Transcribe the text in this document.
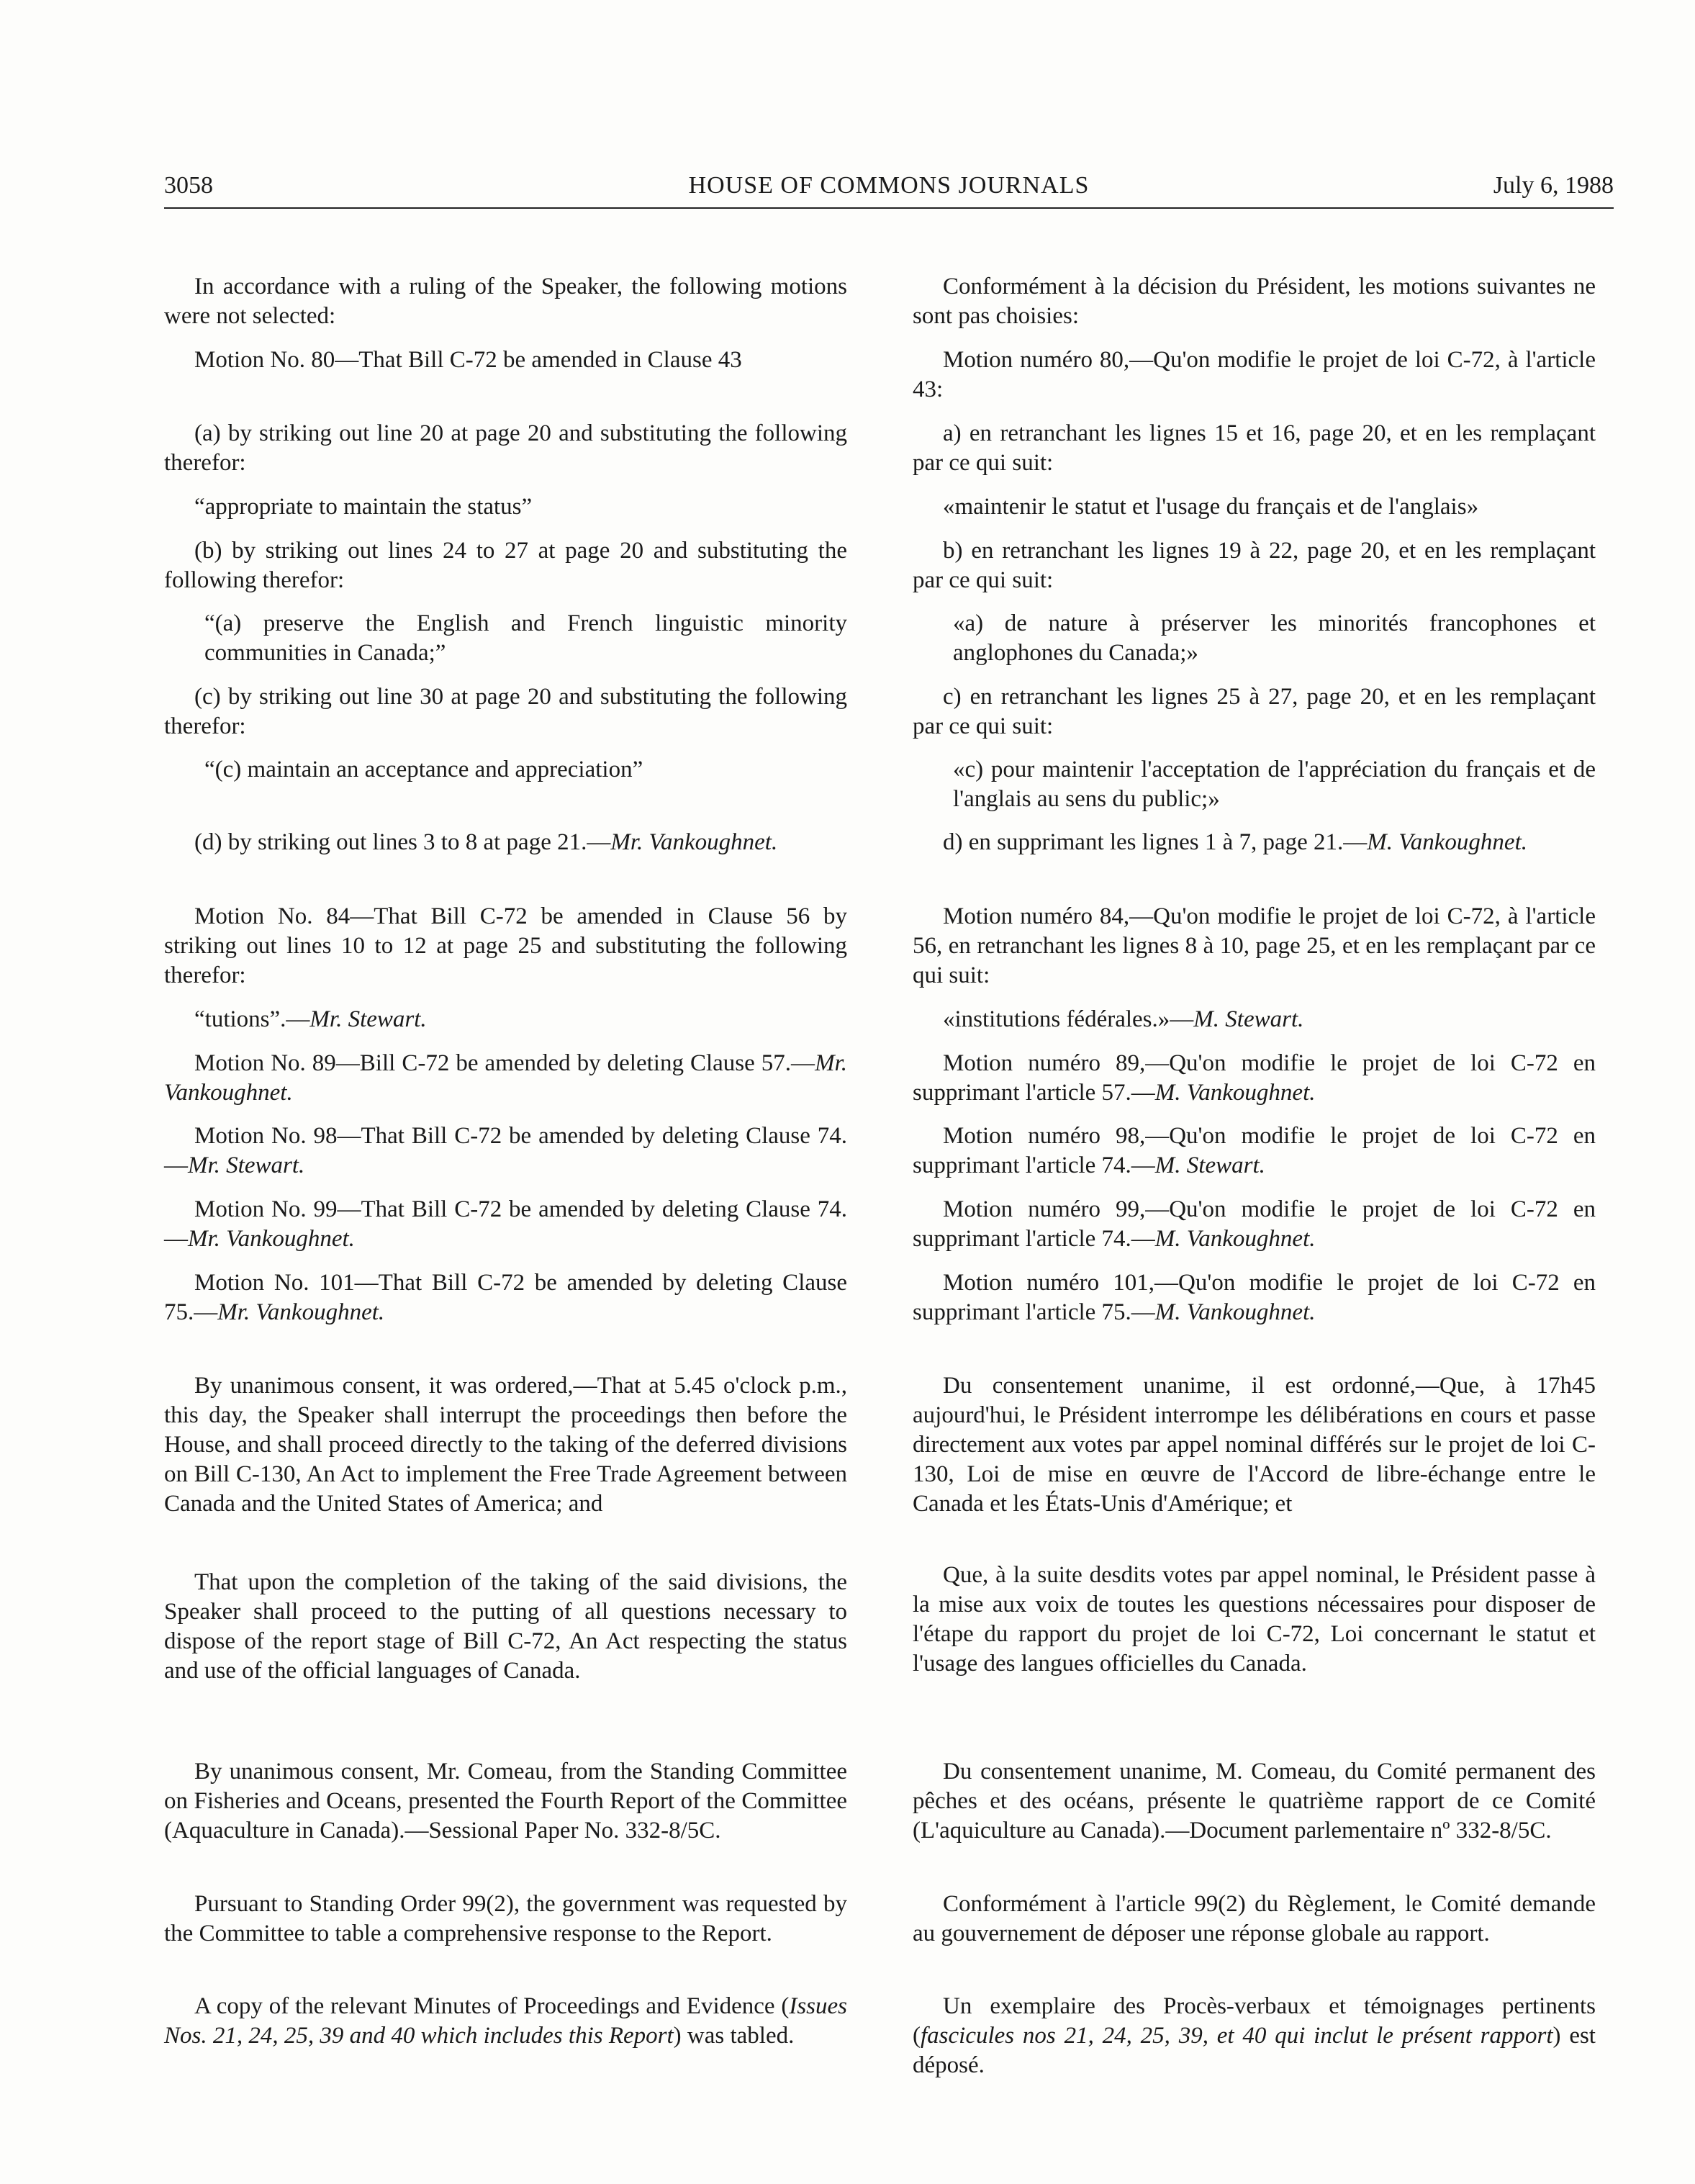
3058	HOUSE OF COMMONS JOURNALS	July 6, 1988

In accordance with a ruling of the Speaker, the following motions were not selected:

Motion No. 80—That Bill C-72 be amended in Clause 43

(a) by striking out line 20 at page 20 and substituting the following therefor:

“appropriate to maintain the status”

(b) by striking out lines 24 to 27 at page 20 and substituting the following therefor:

“(a) preserve the English and French linguistic minority communities in Canada;”

(c) by striking out line 30 at page 20 and substituting the following therefor:

“(c) maintain an acceptance and appreciation”

(d) by striking out lines 3 to 8 at page 21.—Mr. Vankoughnet.

Motion No. 84—That Bill C-72 be amended in Clause 56 by striking out lines 10 to 12 at page 25 and substituting the following therefor:

“tutions”.—Mr. Stewart.

Motion No. 89—Bill C-72 be amended by deleting Clause 57.—Mr. Vankoughnet.

Motion No. 98—That Bill C-72 be amended by deleting Clause 74.—Mr. Stewart.

Motion No. 99—That Bill C-72 be amended by deleting Clause 74.—Mr. Vankoughnet.

Motion No. 101—That Bill C-72 be amended by deleting Clause 75.—Mr. Vankoughnet.

By unanimous consent, it was ordered,—That at 5.45 o'clock p.m., this day, the Speaker shall interrupt the proceedings then before the House, and shall proceed directly to the taking of the deferred divisions on Bill C-130, An Act to implement the Free Trade Agreement between Canada and the United States of America; and

That upon the completion of the taking of the said divisions, the Speaker shall proceed to the putting of all questions necessary to dispose of the report stage of Bill C-72, An Act respecting the status and use of the official languages of Canada.

By unanimous consent, Mr. Comeau, from the Standing Committee on Fisheries and Oceans, presented the Fourth Report of the Committee (Aquaculture in Canada).—Sessional Paper No. 332-8/5C.

Pursuant to Standing Order 99(2), the government was requested by the Committee to table a comprehensive response to the Report.

A copy of the relevant Minutes of Proceedings and Evidence (Issues Nos. 21, 24, 25, 39 and 40 which includes this Report) was tabled.

Conformément à la décision du Président, les motions suivantes ne sont pas choisies:

Motion numéro 80,—Qu'on modifie le projet de loi C-72, à l'article 43:

a) en retranchant les lignes 15 et 16, page 20, et en les remplaçant par ce qui suit:

«maintenir le statut et l'usage du français et de l'anglais»

b) en retranchant les lignes 19 à 22, page 20, et en les remplaçant par ce qui suit:

«a) de nature à préserver les minorités francophones et anglophones du Canada;»

c) en retranchant les lignes 25 à 27, page 20, et en les remplaçant par ce qui suit:

«c) pour maintenir l'acceptation de l'appréciation du français et de l'anglais au sens du public;»

d) en supprimant les lignes 1 à 7, page 21.—M. Vankoughnet.

Motion numéro 84,—Qu'on modifie le projet de loi C-72, à l'article 56, en retranchant les lignes 8 à 10, page 25, et en les remplaçant par ce qui suit:

«institutions fédérales.»—M. Stewart.

Motion numéro 89,—Qu'on modifie le projet de loi C-72 en supprimant l'article 57.—M. Vankoughnet.

Motion numéro 98,—Qu'on modifie le projet de loi C-72 en supprimant l'article 74.—M. Stewart.

Motion numéro 99,—Qu'on modifie le projet de loi C-72 en supprimant l'article 74.—M. Vankoughnet.

Motion numéro 101,—Qu'on modifie le projet de loi C-72 en supprimant l'article 75.—M. Vankoughnet.

Du consentement unanime, il est ordonné,—Que, à 17h45 aujourd'hui, le Président interrompe les délibérations en cours et passe directement aux votes par appel nominal différés sur le projet de loi C-130, Loi de mise en œuvre de l'Accord de libre-échange entre le Canada et les États-Unis d'Amérique; et

Que, à la suite desdits votes par appel nominal, le Président passe à la mise aux voix de toutes les questions nécessaires pour disposer de l'étape du rapport du projet de loi C-72, Loi concernant le statut et l'usage des langues officielles du Canada.

Du consentement unanime, M. Comeau, du Comité permanent des pêches et des océans, présente le quatrième rapport de ce Comité (L'aquiculture au Canada).—Document parlementaire nº 332-8/5C.

Conformément à l'article 99(2) du Règlement, le Comité demande au gouvernement de déposer une réponse globale au rapport.

Un exemplaire des Procès-verbaux et témoignages pertinents (fascicules nos 21, 24, 25, 39, et 40 qui inclut le présent rapport) est déposé.
